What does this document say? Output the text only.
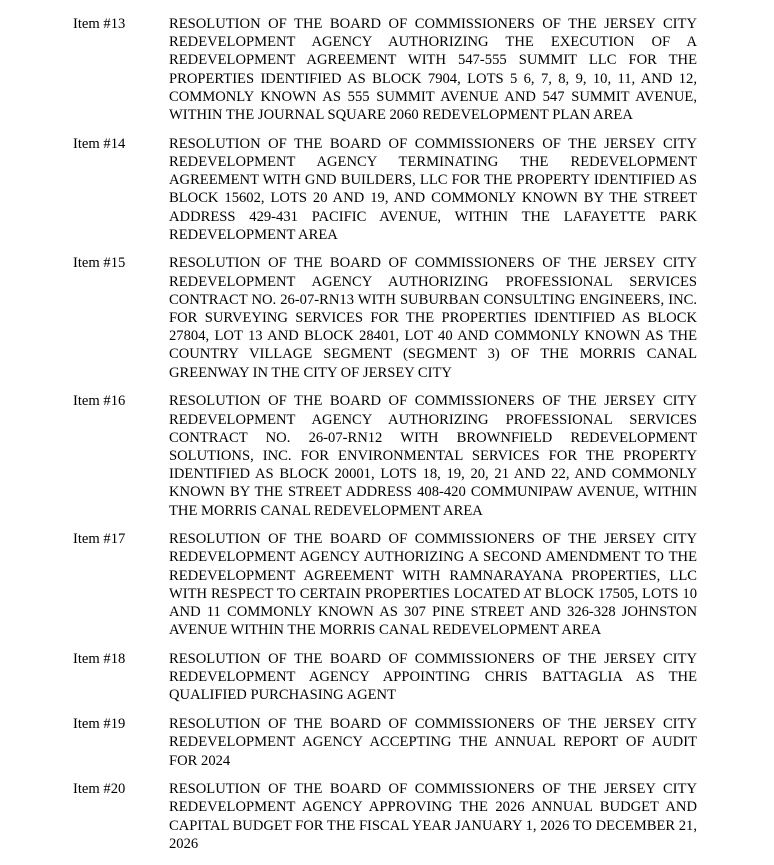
Item #13	RESOLUTION OF THE BOARD OF COMMISSIONERS OF THE JERSEY CITY REDEVELOPMENT AGENCY AUTHORIZING THE EXECUTION OF A REDEVELOPMENT AGREEMENT WITH 547-555 SUMMIT LLC FOR THE PROPERTIES IDENTIFIED AS BLOCK 7904, LOTS 5 6, 7, 8, 9, 10, 11, AND 12, COMMONLY KNOWN AS 555 SUMMIT AVENUE AND 547 SUMMIT AVENUE, WITHIN THE JOURNAL SQUARE 2060 REDEVELOPMENT PLAN AREA
Item #14	RESOLUTION OF THE BOARD OF COMMISSIONERS OF THE JERSEY CITY REDEVELOPMENT AGENCY TERMINATING THE REDEVELOPMENT AGREEMENT WITH GND BUILDERS, LLC FOR THE PROPERTY IDENTIFIED AS BLOCK 15602, LOTS 20 AND 19, AND COMMONLY KNOWN BY THE STREET ADDRESS 429-431 PACIFIC AVENUE, WITHIN THE LAFAYETTE PARK REDEVELOPMENT AREA
Item #15	RESOLUTION OF THE BOARD OF COMMISSIONERS OF THE JERSEY CITY REDEVELOPMENT AGENCY AUTHORIZING PROFESSIONAL SERVICES CONTRACT NO. 26-07-RN13 WITH SUBURBAN CONSULTING ENGINEERS, INC. FOR SURVEYING SERVICES FOR THE PROPERTIES IDENTIFIED AS BLOCK 27804, LOT 13 AND BLOCK 28401, LOT 40 AND COMMONLY KNOWN AS THE COUNTRY VILLAGE SEGMENT (SEGMENT 3) OF THE MORRIS CANAL GREENWAY IN THE CITY OF JERSEY CITY
Item #16	RESOLUTION OF THE BOARD OF COMMISSIONERS OF THE JERSEY CITY REDEVELOPMENT AGENCY AUTHORIZING PROFESSIONAL SERVICES CONTRACT NO. 26-07-RN12 WITH BROWNFIELD REDEVELOPMENT SOLUTIONS, INC. FOR ENVIRONMENTAL SERVICES FOR THE PROPERTY IDENTIFIED AS BLOCK 20001, LOTS 18, 19, 20, 21 AND 22, AND COMMONLY KNOWN BY THE STREET ADDRESS 408-420 COMMUNIPAW AVENUE, WITHIN THE MORRIS CANAL REDEVELOPMENT AREA
Item #17	RESOLUTION OF THE BOARD OF COMMISSIONERS OF THE JERSEY CITY REDEVELOPMENT AGENCY AUTHORIZING A SECOND AMENDMENT TO THE REDEVELOPMENT AGREEMENT WITH RAMNARAYANA PROPERTIES, LLC WITH RESPECT TO CERTAIN PROPERTIES LOCATED AT BLOCK 17505, LOTS 10 AND 11 COMMONLY KNOWN AS 307 PINE STREET AND 326-328 JOHNSTON AVENUE WITHIN THE MORRIS CANAL REDEVELOPMENT AREA
Item #18	RESOLUTION OF THE BOARD OF COMMISSIONERS OF THE JERSEY CITY REDEVELOPMENT AGENCY APPOINTING CHRIS BATTAGLIA AS THE QUALIFIED PURCHASING AGENT
Item #19	RESOLUTION OF THE BOARD OF COMMISSIONERS OF THE JERSEY CITY REDEVELOPMENT AGENCY ACCEPTING THE ANNUAL REPORT OF AUDIT FOR 2024
Item #20	RESOLUTION OF THE BOARD OF COMMISSIONERS OF THE JERSEY CITY REDEVELOPMENT AGENCY APPROVING THE 2026 ANNUAL BUDGET AND CAPITAL BUDGET FOR THE FISCAL YEAR JANUARY 1, 2026 TO DECEMBER 21, 2026
